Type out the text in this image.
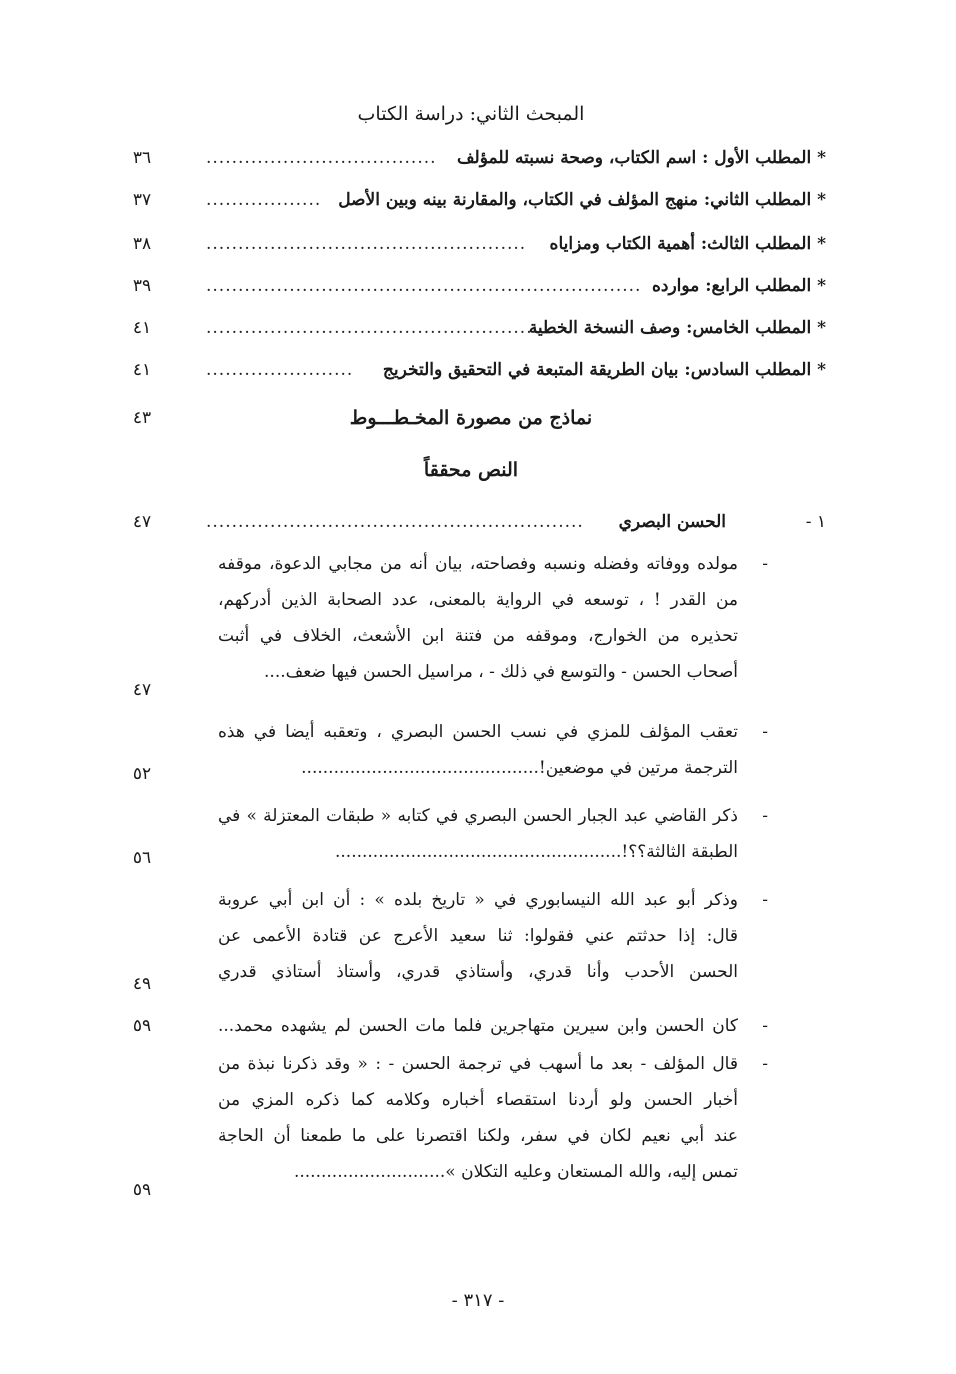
المبحث الثاني: دراسة الكتاب
* المطلب الأول : اسم الكتاب، وصحة نسبته للمؤلف
....................................
٣٦
* المطلب الثاني: منهج المؤلف في الكتاب، والمقارنة بينه وبين الأصل
..................
٣٧
* المطلب الثالث: أهمية الكتاب ومزاياه
..................................................
٣٨
* المطلب الرابع: موارده
....................................................................
٣٩
* المطلب الخامس: وصف النسخة الخطية
....................................................
٤١
* المطلب السادس: بيان الطريقة المتبعة في التحقيق والتخريج
.......................
٤١
نماذج من مصورة المخـطـــوط
٤٣
النص محققاً
١ -
الحسن البصري
...........................................................
٤٧
-
مولده ووفاته وفضله ونسبه وفصاحته، بيان أنه من مجابي الدعوة، موقفه
من القدر ! ، توسعه في الرواية بالمعنى، عدد الصحابة الذين أدركهم،
تحذيره من الخوارج، وموقفه من فتنة ابن الأشعث، الخلاف في أثبت
أصحاب الحسن - والتوسع في ذلك - ، مراسيل الحسن فيها ضعف....
٤٧
-
تعقب المؤلف للمزي في نسب الحسن البصري ، وتعقبه أيضا في هذه
الترجمة مرتين في موضعين!............................................
٥٢
-
ذكر القاضي عبد الجبار الحسن البصري في كتابه « طبقات المعتزلة » في
الطبقة الثالثة؟؟!.....................................................
٥٦
-
وذكر أبو عبد الله النيسابوري في « تاريخ بلده » : أن ابن أبي عروبة
قال: إذا حدثتم عني فقولوا: ثنا سعيد الأعرج عن قتادة الأعمى عن
الحسن الأحدب وأنا قدري، وأستاذي قدري، وأستاذ أستاذي قدري
٤٩
-
كان الحسن وابن سيرين متهاجرين فلما مات الحسن لم يشهده محمد...
٥٩
-
قال المؤلف - بعد ما أسهب في ترجمة الحسن - : « وقد ذكرنا نبذة من
أخبار الحسن ولو أردنا استقصاء أخباره وكلامه كما ذكره المزي من
عند أبي نعيم لكان في سفر، ولكنا اقتصرنا على ما طمعنا أن الحاجة
تمس إليه، والله المستعان وعليه التكلان »............................
٥٩
- ٣١٧ -
